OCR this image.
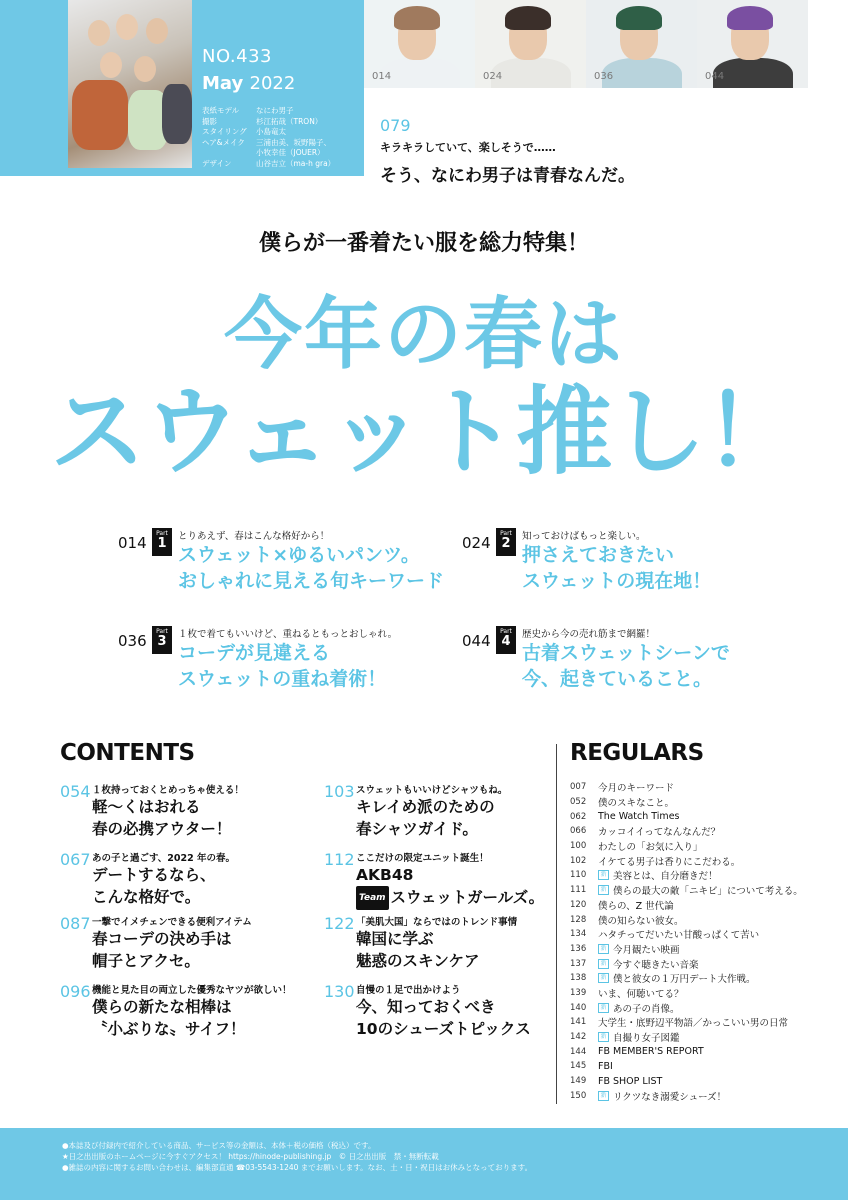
NO.433
May 2022
表紙モデル	なにわ男子
撮影	杉江拓哉（TRON）
スタイリング	小島竜太
ヘア&メイク	三浦由美、坂野陽子、
小牧幸佳（JOUER）
デザイン	山谷吉立（ma-h gra）
014	024	036	044
079
キラキラしていて、楽しそうで……
そう、なにわ男子は青春なんだ。
僕らが一番着たい服を総力特集！
今年の春は
スウェット推し！
014
Part
1	とりあえず、春はこんな格好から！
スウェット×ゆるいパンツ。
おしゃれに見える旬キーワード
024
Part
2	知っておけばもっと楽しい。
押さえておきたい
スウェットの現在地！
036
Part
3	１枚で着てもいいけど、重ねるともっとおしゃれ。
コーデが見違える
スウェットの重ね着術！
044
Part
4	歴史から今の売れ筋まで網羅！
古着スウェットシーンで
今、起きていること。
CONTENTS
054 １枚持っておくとめっちゃ使える！
軽～くはおれる
春の必携アウター！
067 あの子と過ごす、2022 年の春。
デートするなら、
こんな格好で。
087 一撃でイメチェンできる便利アイテム
春コーデの決め手は
帽子とアクセ。
096 機能と見た目の両立した優秀なヤツが欲しい！
僕らの新たな相棒は
〝小ぶりな〟サイフ！
103 スウェットもいいけどシャツもね。
キレイめ派のための
春シャツガイド。
112 ここだけの限定ユニット誕生！
AKB48
Team スウェットガールズ。
122 「美肌大国」ならではのトレンド事情
韓国に学ぶ
魅惑のスキンケア
130 自慢の１足で出かけよう
今、知っておくべき
10のシューズトピックス
REGULARS
007	今月のキーワード
052	僕のスキなこと。
062	The Watch Times
066	カッコイイってなんなんだ？
100	わたしの「お気に入り」
102	イケてる男子は香りにこだわる。
110	新 美容とは、自分磨きだ！
111	新 僕らの最大の敵「ニキビ」について考える。
120	僕らの、Z 世代論
128	僕の知らない彼女。
134	ハタチってだいたい甘酸っぱくて苦い
136	新 今月観たい映画
137	新 今すぐ聴きたい音楽
138	新 僕と彼女の１万円デート大作戦。
139	いま、何聴いてる？
140	新 あの子の肖像。
141	大学生・底野辺平物語／かっこいい男の日常
142	新 自撮り女子図鑑
144	FB MEMBER'S REPORT
145	FBI
149	FB SHOP LIST
150	新 リクツなき溺愛シューズ！
●本誌及び付録内で紹介している商品、サービス等の金額は、本体＋税の価格（税込）です。
★日之出出版のホームページに今すぐアクセス！ https://hinode-publishing.jp　© 日之出出版　禁・無断転載
●雑誌の内容に関するお問い合わせは、編集部直通 ☎03-5543-1240 までお願いします。なお、土・日・祝日はお休みとなっております。
